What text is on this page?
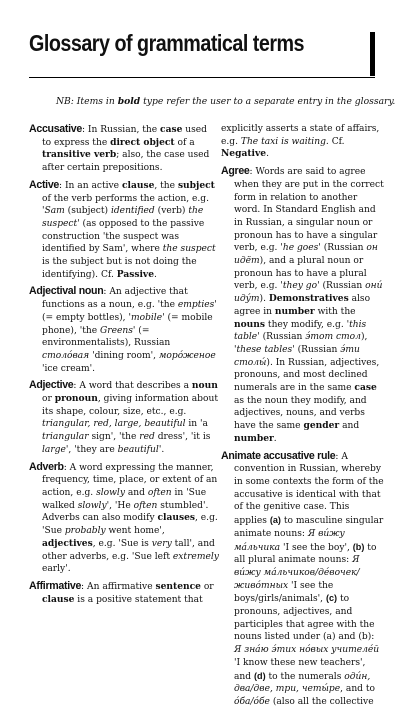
Glossary of grammatical terms
NB: Items in bold type refer the user to a separate entry in the glossary.

Accusative: In Russian, the case used to express the direct object of a transitive verb; also, the case used after certain prepositions.

Active: In an active clause, the subject of the verb performs the action, e.g. 'Sam (subject) identified (verb) the suspect' (as opposed to the passive construction 'the suspect was identified by Sam', where the suspect is the subject but is not doing the identifying). Cf. Passive.

Adjectival noun: An adjective that functions as a noun, e.g. 'the empties' (= empty bottles), 'mobile' (= mobile phone), 'the Greens' (= environmentalists), Russian столо́вая 'dining room', моро́женое 'ice cream'.

Adjective: A word that describes a noun or pronoun, giving information about its shape, colour, size, etc., e.g. triangular, red, large, beautiful in 'a triangular sign', 'the red dress', 'it is large', 'they are beautiful'.

Adverb: A word expressing the manner, frequency, time, place, or extent of an action, e.g. slowly and often in 'Sue walked slowly', 'He often stumbled'. Adverbs can also modify clauses, e.g. 'Sue probably went home', adjectives, e.g. 'Sue is very tall', and other adverbs, e.g. 'Sue left extremely early'.

Affirmative: An affirmative sentence or clause is a positive statement that

explicitly asserts a state of affairs, e.g. The taxi is waiting. Cf. Negative.

Agree: Words are said to agree when they are put in the correct form in relation to another word. In Standard English and in Russian, a singular noun or pronoun has to have a singular verb, e.g. 'he goes' (Russian он идёт), and a plural noun or pronoun has to have a plural verb, e.g. 'they go' (Russian они́ иду́т). Demonstratives also agree in number with the nouns they modify, e.g. 'this table' (Russian э́тот стол), 'these tables' (Russian э́ти столы́). In Russian, adjectives, pronouns, and most declined numerals are in the same case as the noun they modify, and adjectives, nouns, and verbs have the same gender and number.

Animate accusative rule: A convention in Russian, whereby in some contexts the form of the accusative is identical with that of the genitive case. This applies (a) to masculine singular animate nouns: Я ви́жу ма́льчика 'I see the boy', (b) to all plural animate nouns: Я ви́жу ма́льчиков/де́вочек/живо́тных 'I see the boys/girls/animals', (c) to pronouns, adjectives, and participles that agree with the nouns listed under (a) and (b): Я зна́ю э́тих но́вых учителе́й 'I know these new teachers', and (d) to the numerals оди́н, два/две, три, четы́ре, and to о́ба/о́бе (also all the collective
